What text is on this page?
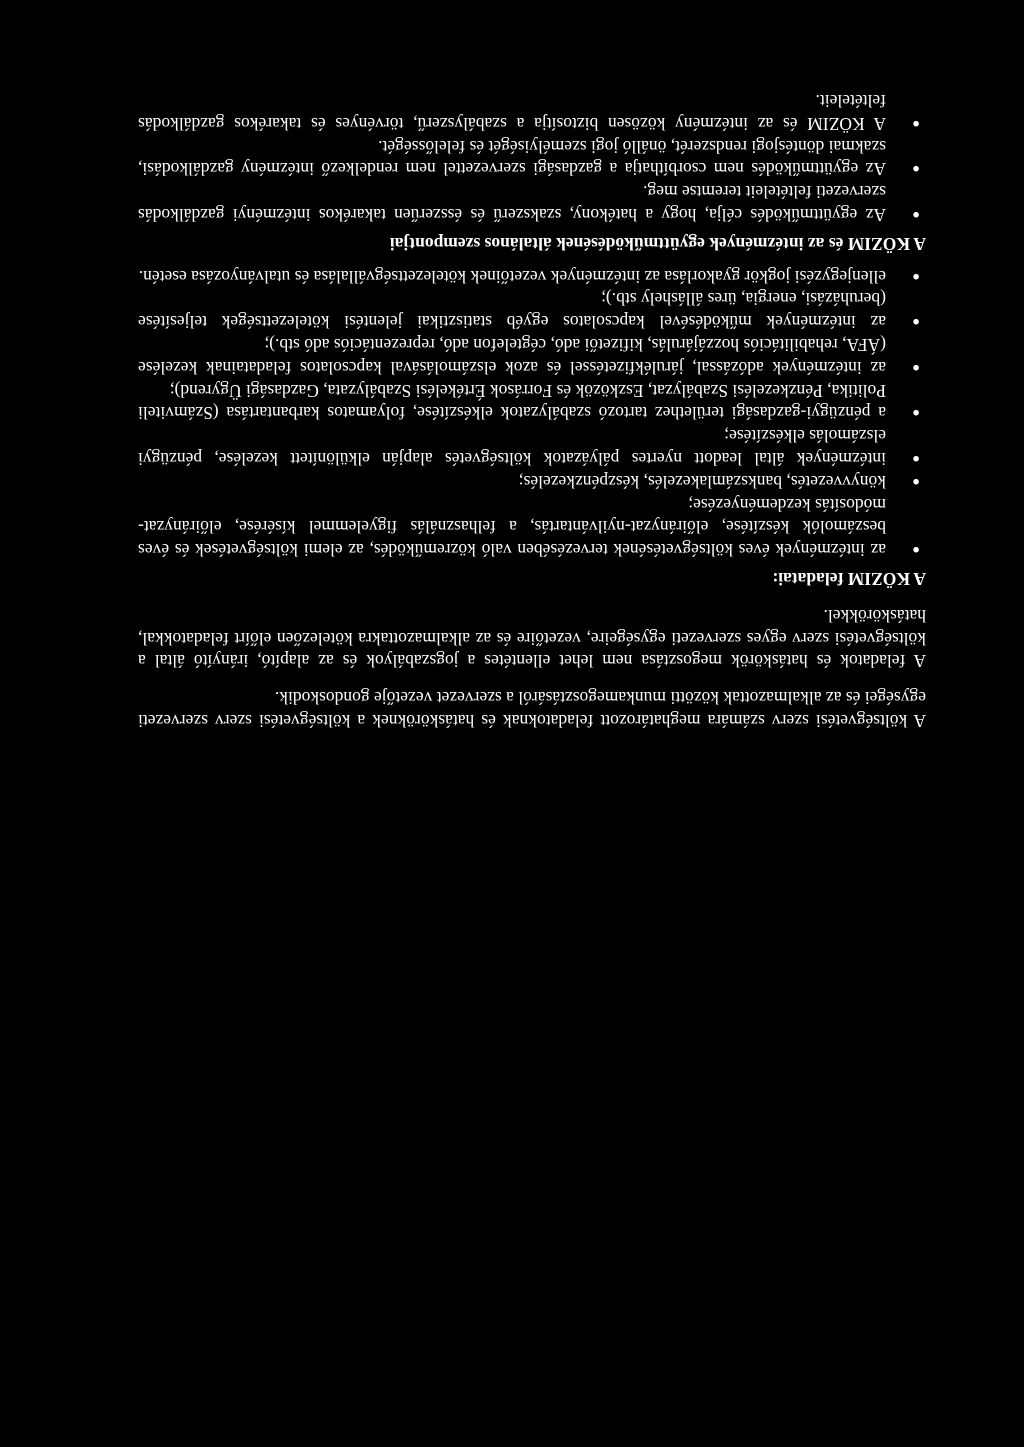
A költségvetési szerv számára meghatározott feladatoknak és hatásköröknek a költségvetési szerv szervezeti egységei és az alkalmazottak közötti munkamegosztásáról a szervezet vezetője gondoskodik.

A feladatok és hatáskörök megosztása nem lehet ellentétes a jogszabályok és az alapító, irányító által a költségvetési szerv egyes szervezeti egységeire, vezetőire és az alkalmazottakra kötelezően előírt feladatokkal, hatáskörökkel.

A KÖZIM feladatai:

●
az intézmények éves költségvetésének tervezésében való közreműködés, az elemi költségvetések és éves beszámolók készítése, előirányzat-nyilvántartás, a felhasználás figyelemmel kísérése, előirányzat-módosítás kezdeményezése;
●
könyvvezetés, bankszámlakezelés, készpénzkezelés;
●
intézmények által leadott nyertes pályázatok költségvetés alapján elkülönített kezelése, pénzügyi elszámolás elkészítése;
●
a pénzügyi-gazdasági területhez tartozó szabályzatok elkészítése, folyamatos karbantartása (Számviteli Politika, Pénzkezelési Szabályzat, Eszközök és Források Értékelési Szabályzata, Gazdasági Ügyrend);
●
az intézmények adózással, járulékfizetéssel és azok elszámolásával kapcsolatos feladatainak kezelése (ÁFA, rehabilitációs hozzájárulás, kifizetői adó, cégtelefon adó, reprezentációs adó stb.);
●
az intézmények működésével kapcsolatos egyéb statisztikai jelentési kötelezettségek teljesítése (beruházási, energia, üres álláshely stb.);
●
ellenjegyzési jogkör gyakorlása az intézmények vezetőinek kötelezettségvállalása és utalványozása esetén.

A KÖZIM és az intézmények együttműködésének általános szempontjai

●
Az együttműködés célja, hogy a hatékony, szakszerű és ésszerűen takarékos intézményi gazdálkodás szervezeti feltételeit teremtse meg.
●
Az együttműködés nem csorbíthatja a gazdasági szervezettel nem rendelkező intézmény gazdálkodási, szakmai döntésjogi rendszerét, önálló jogi személyiségét és felelősségét.
●
A KÖZIM és az intézmény közösen biztosítja a szabályszerű, törvényes és takarékos gazdálkodás feltételeit.
